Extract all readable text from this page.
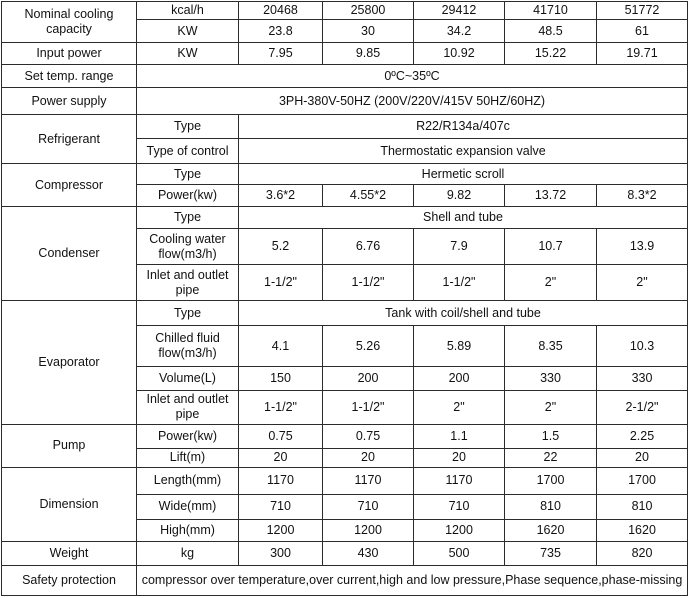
Nominal cooling capacity	kcal/h	20468	25800	29412	41710	51772
	KW	23.8	30	34.2	48.5	61
Input power	KW	7.95	9.85	10.92	15.22	19.71
Set temp. range	0ºC~35ºC					
Power supply	3PH-380V-50HZ (200V/220V/415V 50HZ/60HZ)					
Refrigerant	Type	R22/R134a/407c				
	Type of control	Thermostatic expansion valve				
Compressor	Type	Hermetic scroll				
	Power(kw)	3.6*2	4.55*2	9.82	13.72	8.3*2
Condenser	Type	Shell and tube				
	Cooling water flow(m3/h)	5.2	6.76	7.9	10.7	13.9
	Inlet and outlet pipe	1-1/2"	1-1/2"	1-1/2"	2"	2"
Evaporator	Type	Tank with coil/shell and tube				
	Chilled fluid flow(m3/h)	4.1	5.26	5.89	8.35	10.3
	Volume(L)	150	200	200	330	330
	Inlet and outlet pipe	1-1/2"	1-1/2"	2"	2"	2-1/2"
Pump	Power(kw)	0.75	0.75	1.1	1.5	2.25
	Lift(m)	20	20	20	22	20
Dimension	Length(mm)	1170	1170	1170	1700	1700
	Wide(mm)	710	710	710	810	810
	High(mm)	1200	1200	1200	1620	1620
Weight	kg	300	430	500	735	820
Safety protection	compressor over temperature,over current,high and low pressure,Phase sequence,phase-missing					
